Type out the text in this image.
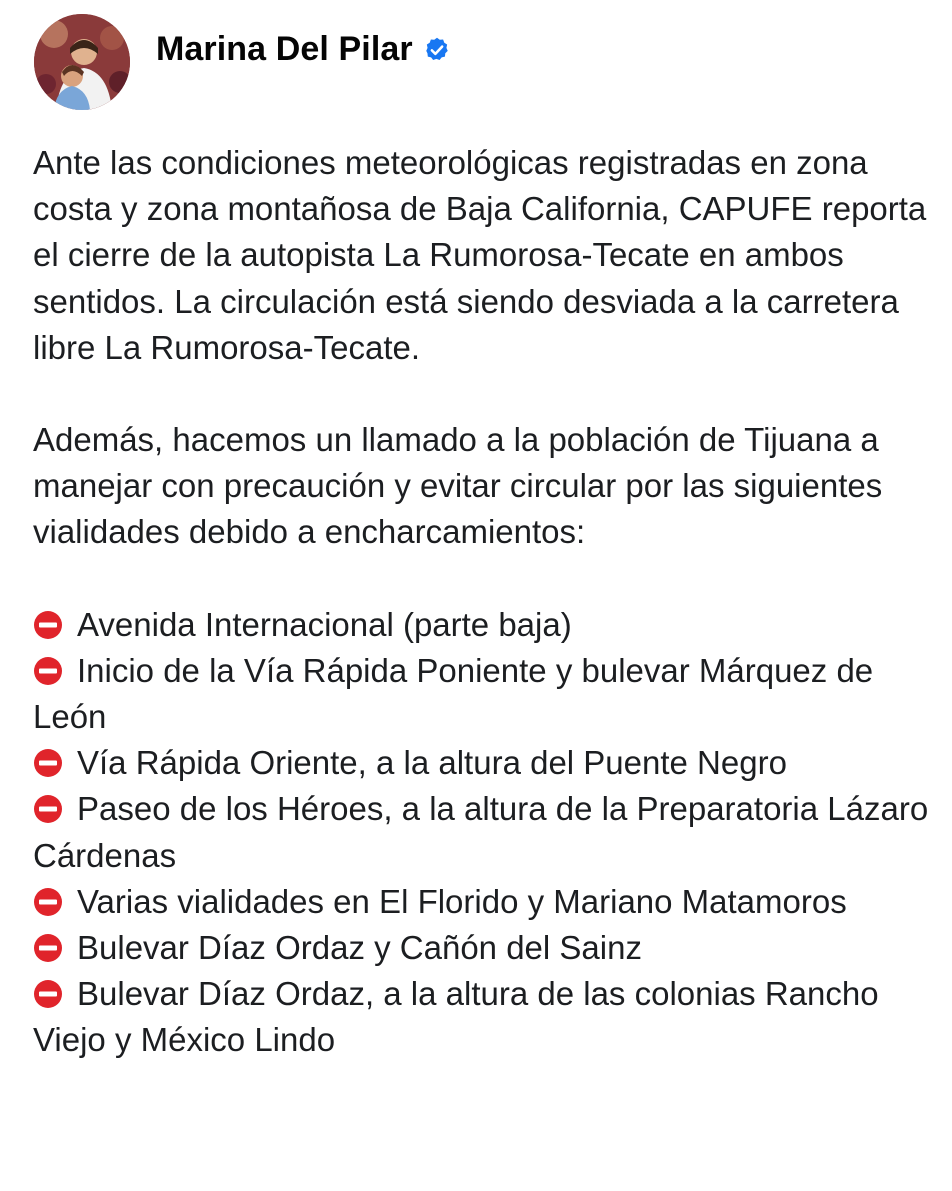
Marina Del Pilar

Ante las condiciones meteorológicas registradas en zona costa y zona montañosa de Baja California, CAPUFE reporta el cierre de la autopista La Rumorosa-Tecate en ambos sentidos. La circulación está siendo desviada a la carretera libre La Rumorosa-Tecate.

Además, hacemos un llamado a la población de Tijuana a manejar con precaución y evitar circular por las siguientes vialidades debido a encharcamientos:

Avenida Internacional (parte baja)

Inicio de la Vía Rápida Poniente y bulevar Márquez de León

Vía Rápida Oriente, a la altura del Puente Negro

Paseo de los Héroes, a la altura de la Preparatoria Lázaro Cárdenas

Varias vialidades en El Florido y Mariano Matamoros

Bulevar Díaz Ordaz y Cañón del Sainz

Bulevar Díaz Ordaz, a la altura de las colonias Rancho Viejo y México Lindo
